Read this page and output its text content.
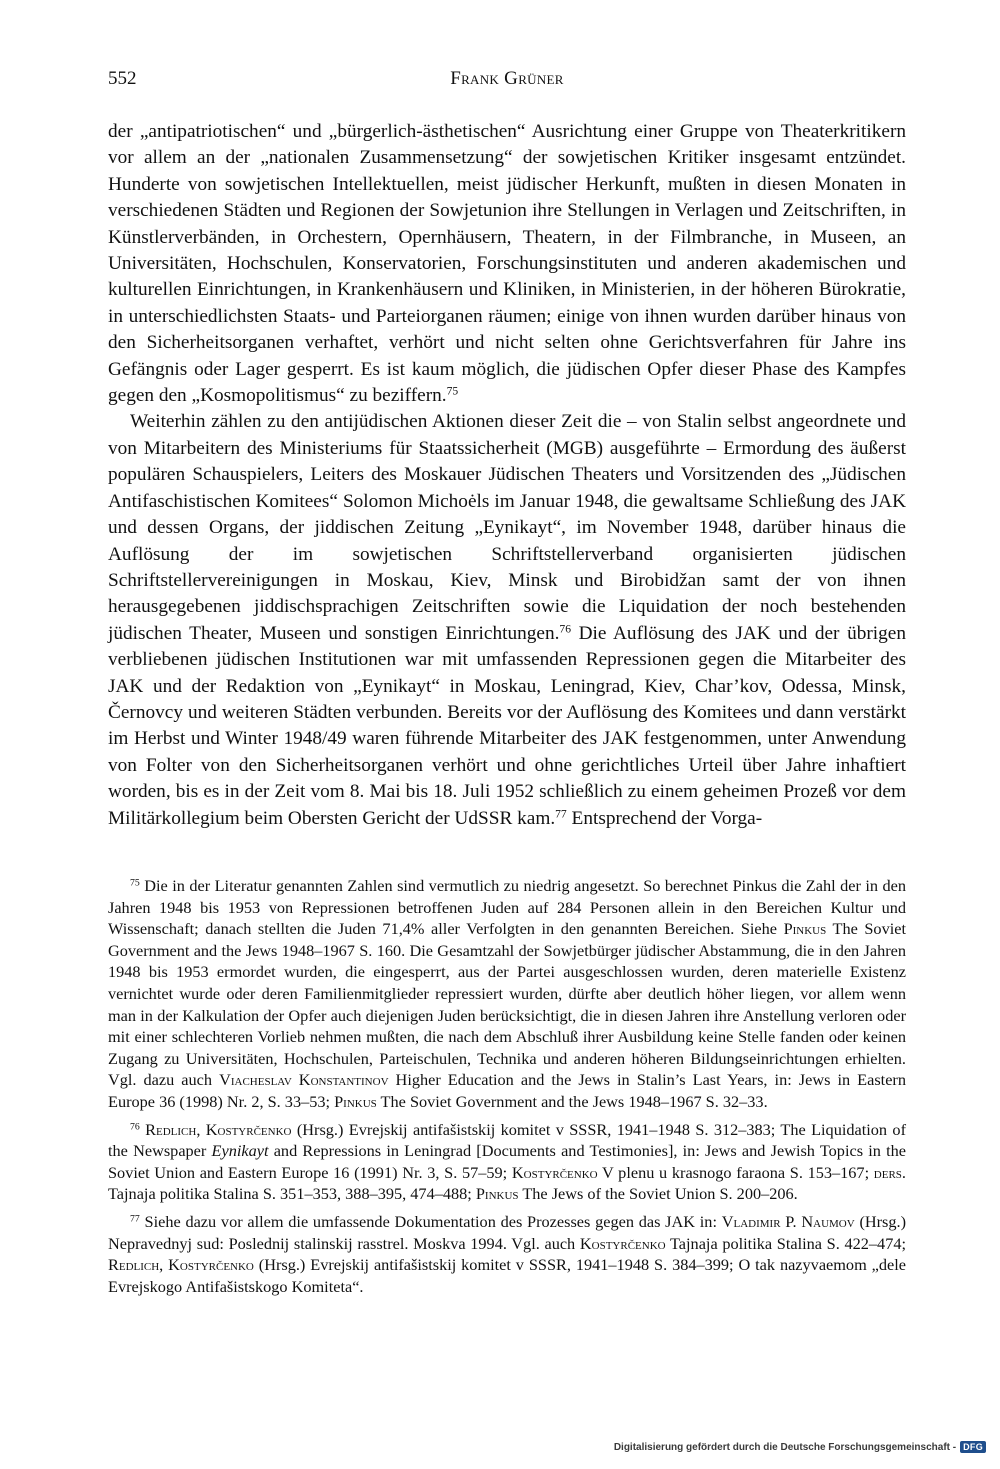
552	Frank Grüner

der „antipatriotischen“ und „bürgerlich-ästhetischen“ Ausrichtung einer Gruppe von Theaterkritikern vor allem an der „nationalen Zusammensetzung“ der sowjetischen Kritiker insgesamt entzündet. Hunderte von sowjetischen Intellektuellen, meist jüdischer Herkunft, mußten in diesen Monaten in verschiedenen Städten und Regionen der Sowjetunion ihre Stellungen in Verlagen und Zeitschriften, in Künstlerverbänden, in Orchestern, Opernhäusern, Theatern, in der Filmbranche, in Museen, an Universitäten, Hochschulen, Konservatorien, Forschungsinstituten und anderen akademischen und kulturellen Einrichtungen, in Krankenhäusern und Kliniken, in Ministerien, in der höheren Bürokratie, in unterschiedlichsten Staats- und Parteiorganen räumen; einige von ihnen wurden darüber hinaus von den Sicherheitsorganen verhaftet, verhört und nicht selten ohne Gerichtsverfahren für Jahre ins Gefängnis oder Lager gesperrt. Es ist kaum möglich, die jüdischen Opfer dieser Phase des Kampfes gegen den „Kosmopolitismus“ zu beziffern.$^{75}$

Weiterhin zählen zu den antijüdischen Aktionen dieser Zeit die – von Stalin selbst angeordnete und von Mitarbeitern des Ministeriums für Staatssicherheit (MGB) ausgeführte – Ermordung des äußerst populären Schauspielers, Leiters des Moskauer Jüdischen Theaters und Vorsitzenden des „Jüdischen Antifaschistischen Komitees“ Solomon Michoėls im Januar 1948, die gewaltsame Schließung des JAK und dessen Organs, der jiddischen Zeitung „Eynikayt“, im November 1948, darüber hinaus die Auflösung der im sowjetischen Schriftstellerverband organisierten jüdischen Schriftstellervereinigungen in Moskau, Kiev, Minsk und Birobidžan samt der von ihnen herausgegebenen jiddischsprachigen Zeitschriften sowie die Liquidation der noch bestehenden jüdischen Theater, Museen und sonstigen Einrichtungen.$^{76}$ Die Auflösung des JAK und der übrigen verbliebenen jüdischen Institutionen war mit umfassenden Repressionen gegen die Mitarbeiter des JAK und der Redaktion von „Eynikayt“ in Moskau, Leningrad, Kiev, Char’kov, Odessa, Minsk, Černovcy und weiteren Städten verbunden. Bereits vor der Auflösung des Komitees und dann verstärkt im Herbst und Winter 1948/49 waren führende Mitarbeiter des JAK festgenommen, unter Anwendung von Folter von den Sicherheitsorganen verhört und ohne gerichtliches Urteil über Jahre inhaftiert worden, bis es in der Zeit vom 8. Mai bis 18. Juli 1952 schließlich zu einem geheimen Prozeß vor dem Militärkollegium beim Obersten Gericht der UdSSR kam.$^{77}$ Entsprechend der Vorga-

$^{75}$ Die in der Literatur genannten Zahlen sind vermutlich zu niedrig angesetzt. So berechnet Pinkus die Zahl der in den Jahren 1948 bis 1953 von Repressionen betroffenen Juden auf 284 Personen allein in den Bereichen Kultur und Wissenschaft; danach stellten die Juden 71,4% aller Verfolgten in den genannten Bereichen. Siehe Pinkus The Soviet Government and the Jews 1948–1967 S. 160. Die Gesamtzahl der Sowjetbürger jüdischer Abstammung, die in den Jahren 1948 bis 1953 ermordet wurden, die eingesperrt, aus der Partei ausgeschlossen wurden, deren materielle Existenz vernichtet wurde oder deren Familienmitglieder repressiert wurden, dürfte aber deutlich höher liegen, vor allem wenn man in der Kalkulation der Opfer auch diejenigen Juden berücksichtigt, die in diesen Jahren ihre Anstellung verloren oder mit einer schlechteren Vorlieb nehmen mußten, die nach dem Abschluß ihrer Ausbildung keine Stelle fanden oder keinen Zugang zu Universitäten, Hochschulen, Parteischulen, Technika und anderen höheren Bildungseinrichtungen erhielten. Vgl. dazu auch Viacheslav Konstantinov Higher Education and the Jews in Stalin’s Last Years, in: Jews in Eastern Europe 36 (1998) Nr. 2, S. 33–53; Pinkus The Soviet Government and the Jews 1948–1967 S. 32–33.

$^{76}$ Redlich, Kostyrčenko (Hrsg.) Evrejskij antifašistskij komitet v SSSR, 1941–1948 S. 312–383; The Liquidation of the Newspaper Eynikayt and Repressions in Leningrad [Documents and Testimonies], in: Jews and Jewish Topics in the Soviet Union and Eastern Europe 16 (1991) Nr. 3, S. 57–59; Kostyrčenko V plenu u krasnogo faraona S. 153–167; ders. Tajnaja politika Stalina S. 351–353, 388–395, 474–488; Pinkus The Jews of the Soviet Union S. 200–206.

$^{77}$ Siehe dazu vor allem die umfassende Dokumentation des Prozesses gegen das JAK in: Vladimir P. Naumov (Hrsg.) Nepravednyj sud: Poslednij stalinskij rasstrel. Moskva 1994. Vgl. auch Kostyrčenko Tajnaja politika Stalina S. 422–474; Redlich, Kostyrčenko (Hrsg.) Evrejskij antifašistskij komitet v SSSR, 1941–1948 S. 384–399; O tak nazyvaemom „dele Evrejskogo Antifašistskogo Komiteta“.

Digitalisierung gefördert durch die Deutsche Forschungsgemeinschaft - DFG
